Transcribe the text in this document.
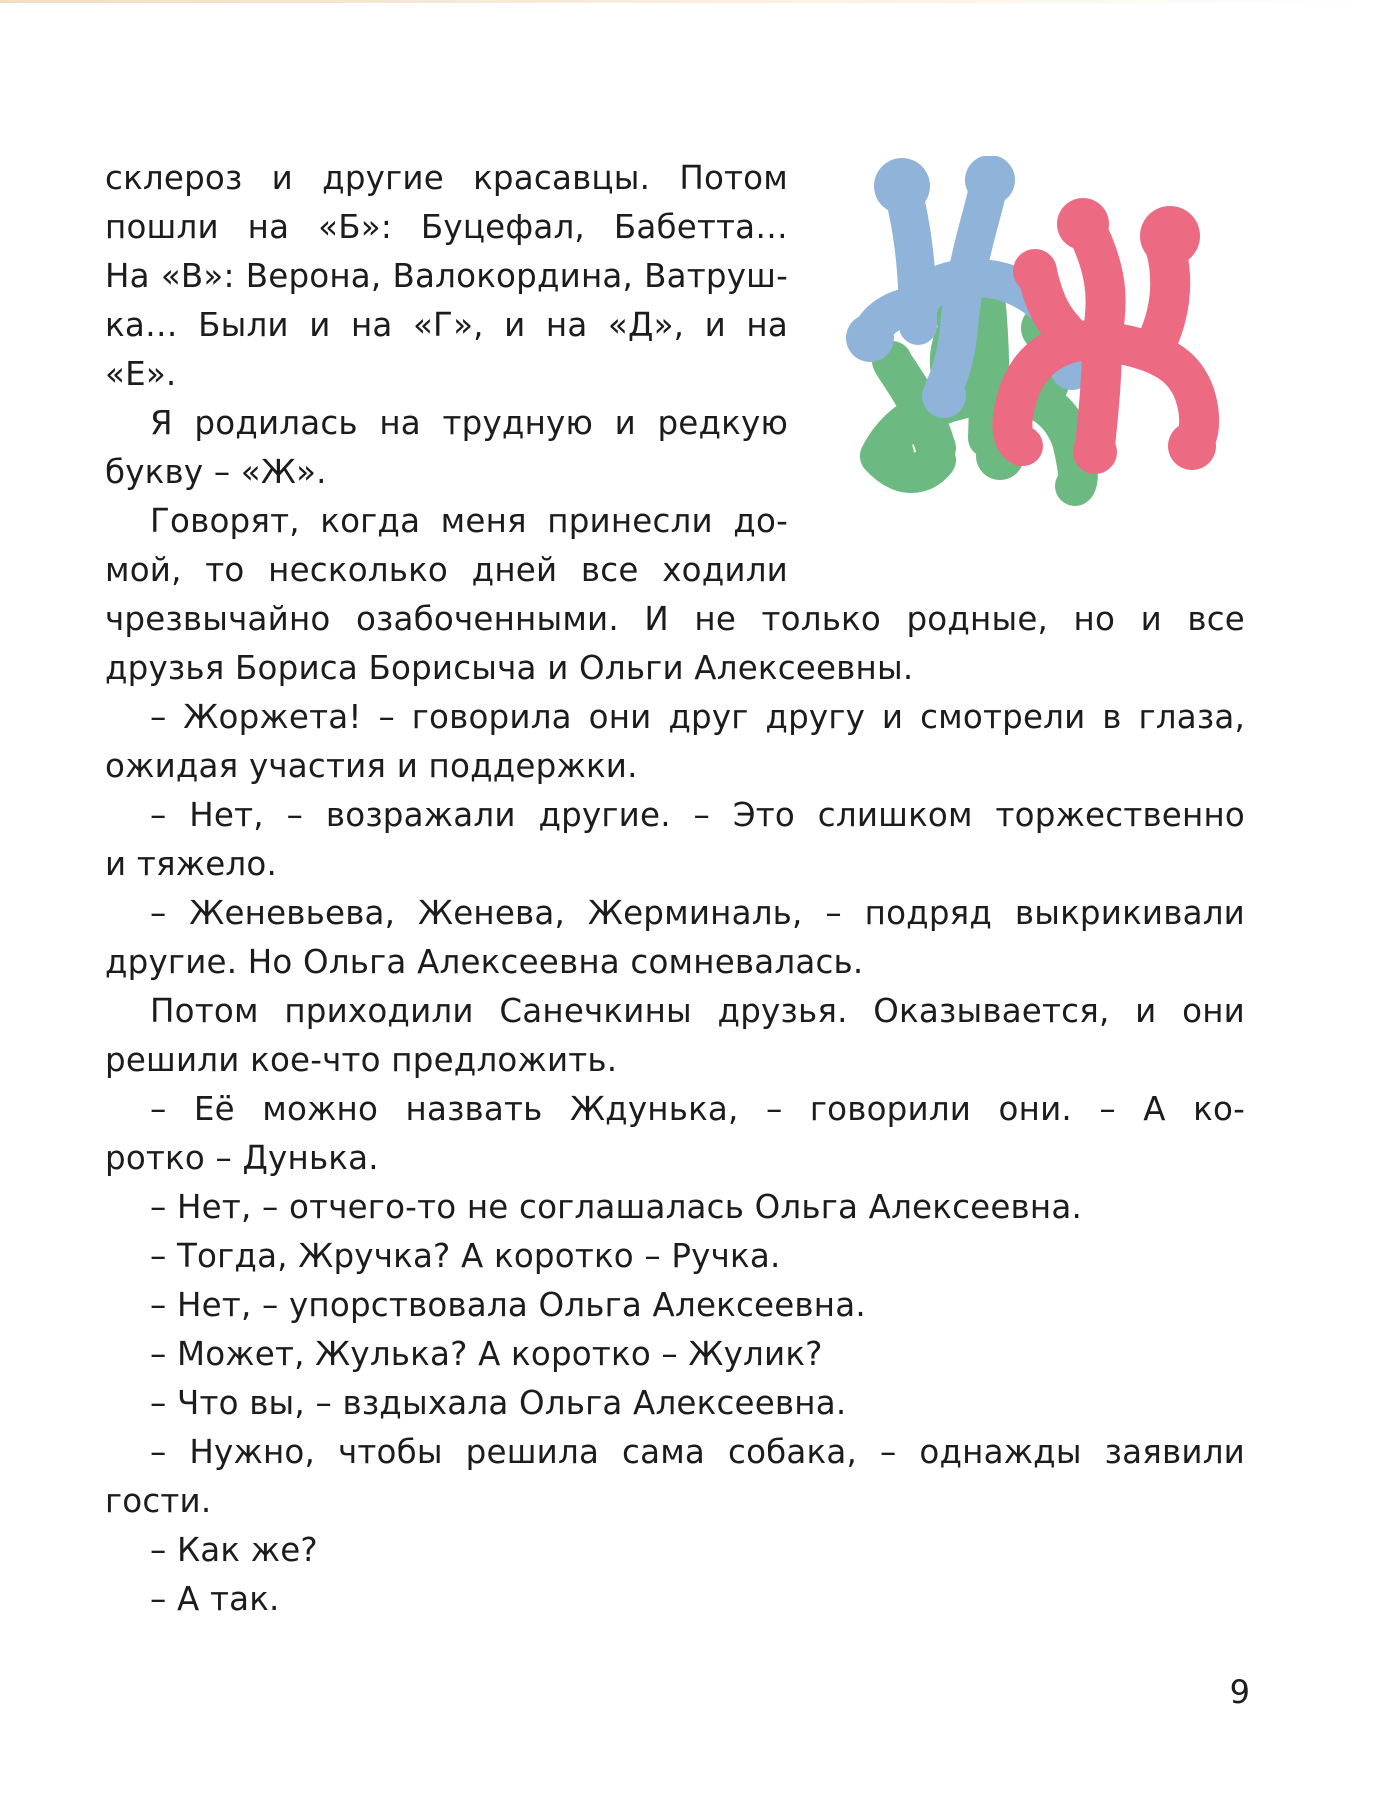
склероз и другие красавцы. Потом
пошли на «Б»: Буцефал, Бабетта…
На «В»: Верона, Валокордина, Ватруш-
ка… Были и на «Г», и на «Д», и на
«Е».
Я родилась на трудную и редкую
букву – «Ж».
Говорят, когда меня принесли до-
мой, то несколько дней все ходили
чрезвычайно озабоченными. И не только родные, но и все
друзья Бориса Борисыча и Ольги Алексеевны.
– Жоржета! – говорила они друг другу и смотрели в глаза,
ожидая участия и поддержки.
– Нет, – возражали другие. – Это слишком торжественно
и тяжело.
– Женевьева, Женева, Жерминаль, – подряд выкрикивали
другие. Но Ольга Алексеевна сомневалась.
Потом приходили Санечкины друзья. Оказывается, и они
решили кое-что предложить.
– Её можно назвать Ждунька, – говорили они. – А ко-
ротко – Дунька.
– Нет, – отчего-то не соглашалась Ольга Алексеевна.
– Тогда, Жручка? А коротко – Ручка.
– Нет, – упорствовала Ольга Алексеевна.
– Может, Жулька? А коротко – Жулик?
– Что вы, – вздыхала Ольга Алексеевна.
– Нужно, чтобы решила сама собака, – однажды заявили
гости.
– Как же?
– А так.
9
